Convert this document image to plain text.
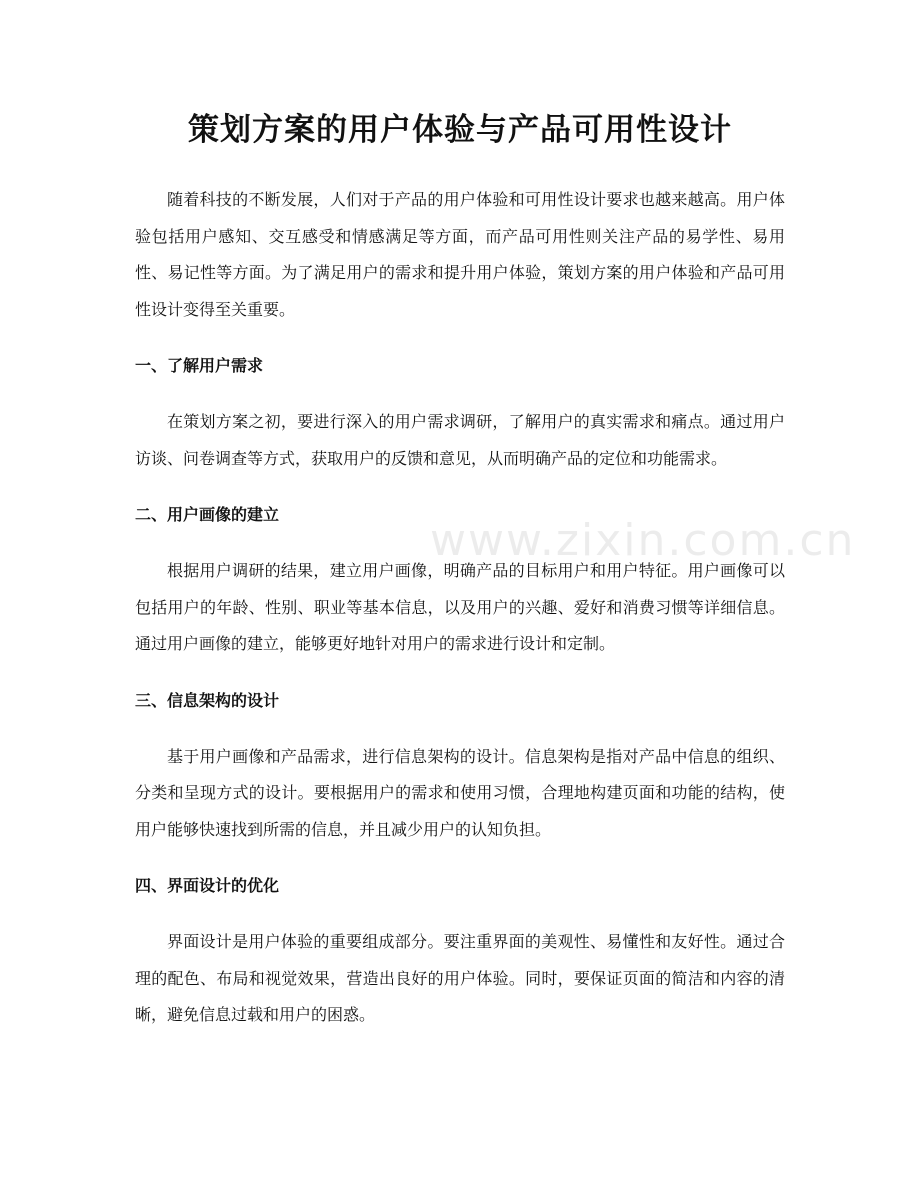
策划方案的用户体验与产品可用性设计

随着科技的不断发展，人们对于产品的用户体验和可用性设计要求也越来越高。用户体验包括用户感知、交互感受和情感满足等方面，而产品可用性则关注产品的易学性、易用性、易记性等方面。为了满足用户的需求和提升用户体验，策划方案的用户体验和产品可用性设计变得至关重要。

一、了解用户需求

在策划方案之初，要进行深入的用户需求调研，了解用户的真实需求和痛点。通过用户访谈、问卷调查等方式，获取用户的反馈和意见，从而明确产品的定位和功能需求。

二、用户画像的建立

根据用户调研的结果，建立用户画像，明确产品的目标用户和用户特征。用户画像可以包括用户的年龄、性别、职业等基本信息，以及用户的兴趣、爱好和消费习惯等详细信息。通过用户画像的建立，能够更好地针对用户的需求进行设计和定制。

三、信息架构的设计

基于用户画像和产品需求，进行信息架构的设计。信息架构是指对产品中信息的组织、分类和呈现方式的设计。要根据用户的需求和使用习惯，合理地构建页面和功能的结构，使用户能够快速找到所需的信息，并且减少用户的认知负担。

四、界面设计的优化

界面设计是用户体验的重要组成部分。要注重界面的美观性、易懂性和友好性。通过合理的配色、布局和视觉效果，营造出良好的用户体验。同时，要保证页面的简洁和内容的清晰，避免信息过载和用户的困惑。

www.zixin.com.cn
